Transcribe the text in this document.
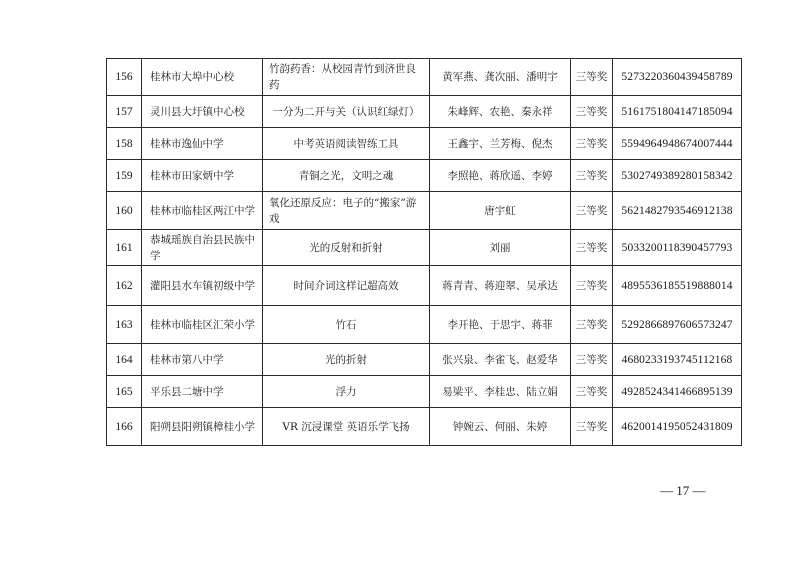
156	桂林市大埠中心校	竹韵药香：从校园青竹到济世良药	黄军燕、龚次丽、潘明宇	三等奖	5273220360439458789
157	灵川县大圩镇中心校	一分为二开与关（认识红绿灯）	朱峰辉、农艳、秦永祥	三等奖	5161751804147185094
158	桂林市逸仙中学	中考英语阅读智练工具	王鑫宇、兰芳梅、倪杰	三等奖	5594964948674007444
159	桂林市田家炳中学	青铜之光，文明之魂	李照艳、蒋欣遥、李婷	三等奖	5302749389280158342
160	桂林市临桂区两江中学	氧化还原反应：电子的“搬家”游戏	唐宇虹	三等奖	5621482793546912138
161	恭城瑶族自治县民族中学	光的反射和折射	刘丽	三等奖	5033200118390457793
162	灌阳县水车镇初级中学	时间介词这样记超高效	蒋青青、蒋迎翠、吴承达	三等奖	4895536185519888014
163	桂林市临桂区汇荣小学	竹石	李开艳、于思宇、蒋菲	三等奖	5292866897606573247
164	桂林市第八中学	光的折射	张兴泉、李雀飞、赵爱华	三等奖	4680233193745112168
165	平乐县二塘中学	浮力	易梁平、李桂忠、陆立娟	三等奖	4928524341466895139
166	阳朔县阳朔镇樟桂小学	VR 沉浸课堂 英语乐学飞扬	钟婉云、何丽、朱婷	三等奖	4620014195052431809
— 17 —
